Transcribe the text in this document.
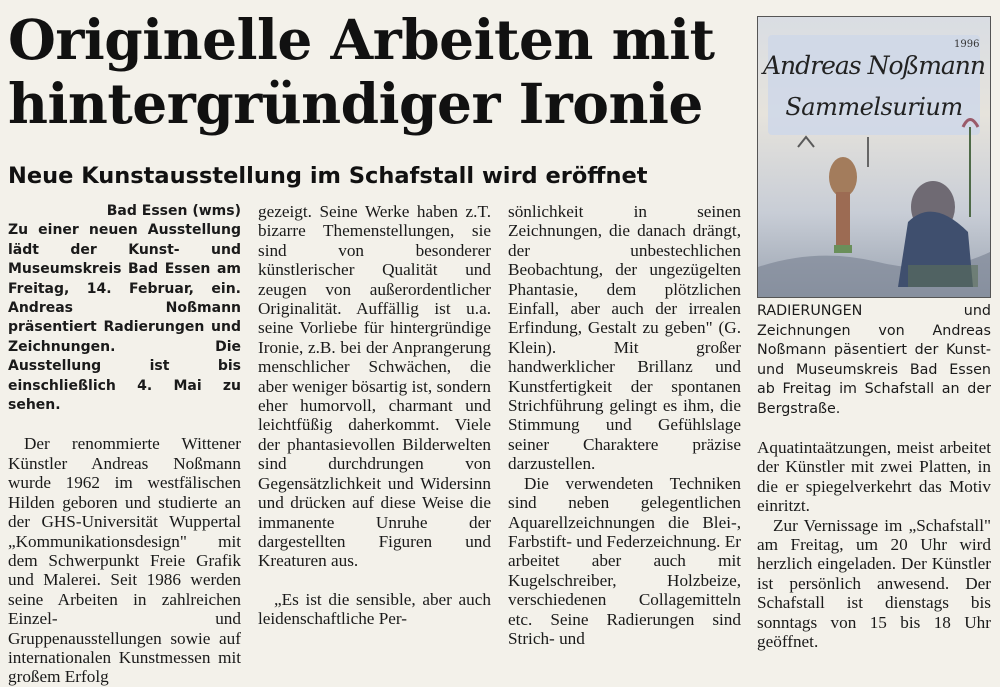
Originelle Arbeiten mit hintergründiger Ironie
Neue Kunstausstellung im Schafstall wird eröffnet

Bad Essen (wms)

Zu einer neuen Ausstellung lädt der Kunst- und Museumskreis Bad Essen am Freitag, 14. Februar, ein. Andreas Noßmann präsentiert Radierungen und Zeichnungen. Die Ausstellung ist bis einschließlich 4. Mai zu sehen.

Der renommierte Wittener Künstler Andreas Noßmann wurde 1962 im westfälischen Hilden geboren und studierte an der GHS-Universität Wuppertal „Kommunikationsdesign" mit dem Schwerpunkt Freie Grafik und Malerei. Seit 1986 werden seine Arbeiten in zahlreichen Einzel- und Gruppenausstellungen sowie auf internationalen Kunstmessen mit großem Erfolg

gezeigt. Seine Werke haben z.T. bizarre Themenstellungen, sie sind von besonderer künstlerischer Qualität und zeugen von außerordentlicher Originalität. Auffällig ist u.a. seine Vorliebe für hintergründige Ironie, z.B. bei der Anprangerung menschlicher Schwächen, die aber weniger bösartig ist, sondern eher humorvoll, charmant und leichtfüßig daherkommt. Viele der phantasievollen Bilderwelten sind durchdrungen von Gegensätzlichkeit und Widersinn und drücken auf diese Weise die immanente Unruhe der dargestellten Figuren und Kreaturen aus.

„Es ist die sensible, aber auch leidenschaftliche Per-

sönlichkeit in seinen Zeichnungen, die danach drängt, der unbestechlichen Beobachtung, der ungezügelten Phantasie, dem plötzlichen Einfall, aber auch der irrealen Erfindung, Gestalt zu geben" (G. Klein). Mit großer handwerklicher Brillanz und Kunstfertigkeit der spontanen Strichführung gelingt es ihm, die Stimmung und Gefühlslage seiner Charaktere präzise darzustellen.

Die verwendeten Techniken sind neben gelegentlichen Aquarellzeichnungen die Blei-, Farbstift- und Federzeichnung. Er arbeitet aber auch mit Kugelschreiber, Holzbeize, verschiedenen Collagemitteln etc. Seine Radierungen sind Strich- und

Andreas Noßmann
Sammelsurium
1996

RADIERUNGEN und Zeichnungen von Andreas Noßmann päsentiert der Kunst- und Museumskreis Bad Essen ab Freitag im Schafstall an der Bergstraße.

Aquatintaätzungen, meist arbeitet der Künstler mit zwei Platten, in die er spiegelverkehrt das Motiv einritzt.

Zur Vernissage im „Schafstall" am Freitag, um 20 Uhr wird herzlich eingeladen. Der Künstler ist persönlich anwesend. Der Schafstall ist dienstags bis sonntags von 15 bis 18 Uhr geöffnet.
